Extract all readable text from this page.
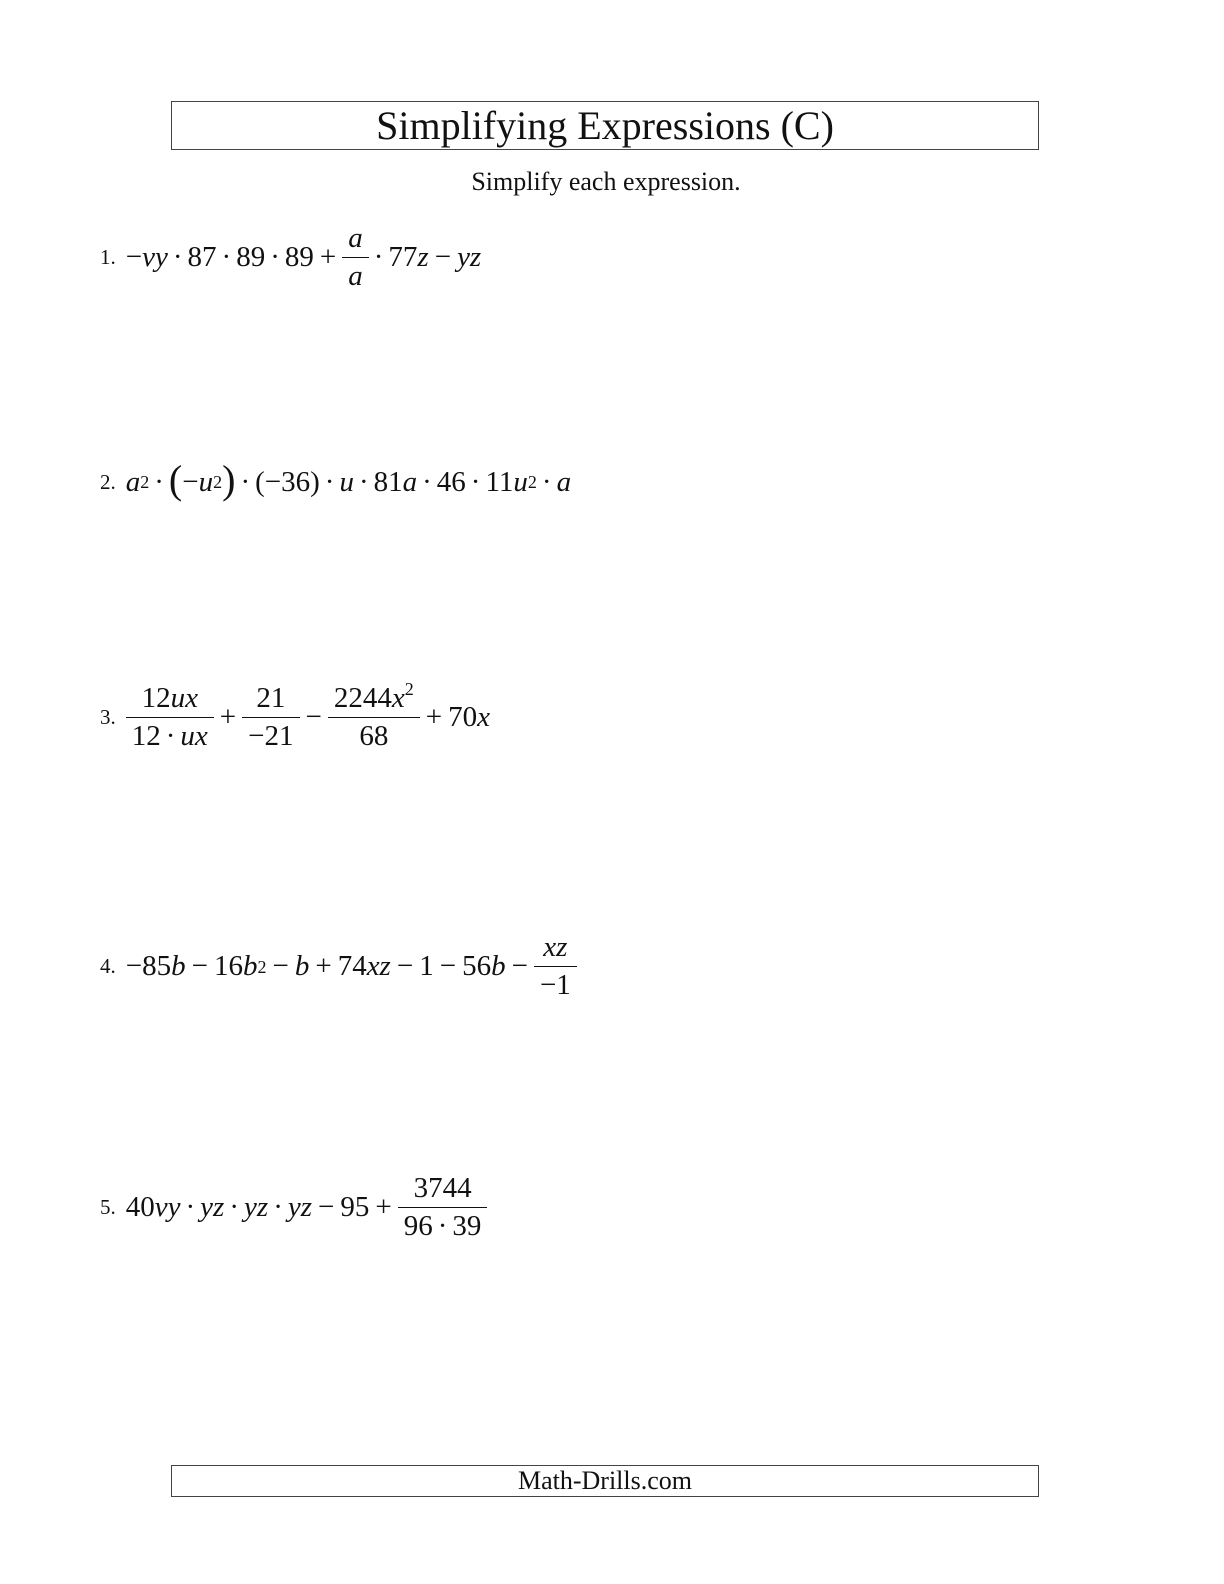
Simplifying Expressions (C)
Simplify each expression.
1. − vy · $87 \cdot 89 \cdot 89 + \frac{a}{a} \cdot 77$ z − yz
2. a 2 · ( − u 2 ) · (−36) · u · 81 a · 46 · 11 u 2 · a
3. $\frac{12ux}{12 \cdot ux} + \frac{21}{-21} - \frac{2244x^2}{68} + 70$ x
4. −85 b − 16 b 2 − b + 74 xz − 1 − 56 $b - \frac{xz}{-1}$
5. 40 vy · yz · yz · yz − $95 + \frac{3744}{96 \cdot 39}$
Math-Drills.com
